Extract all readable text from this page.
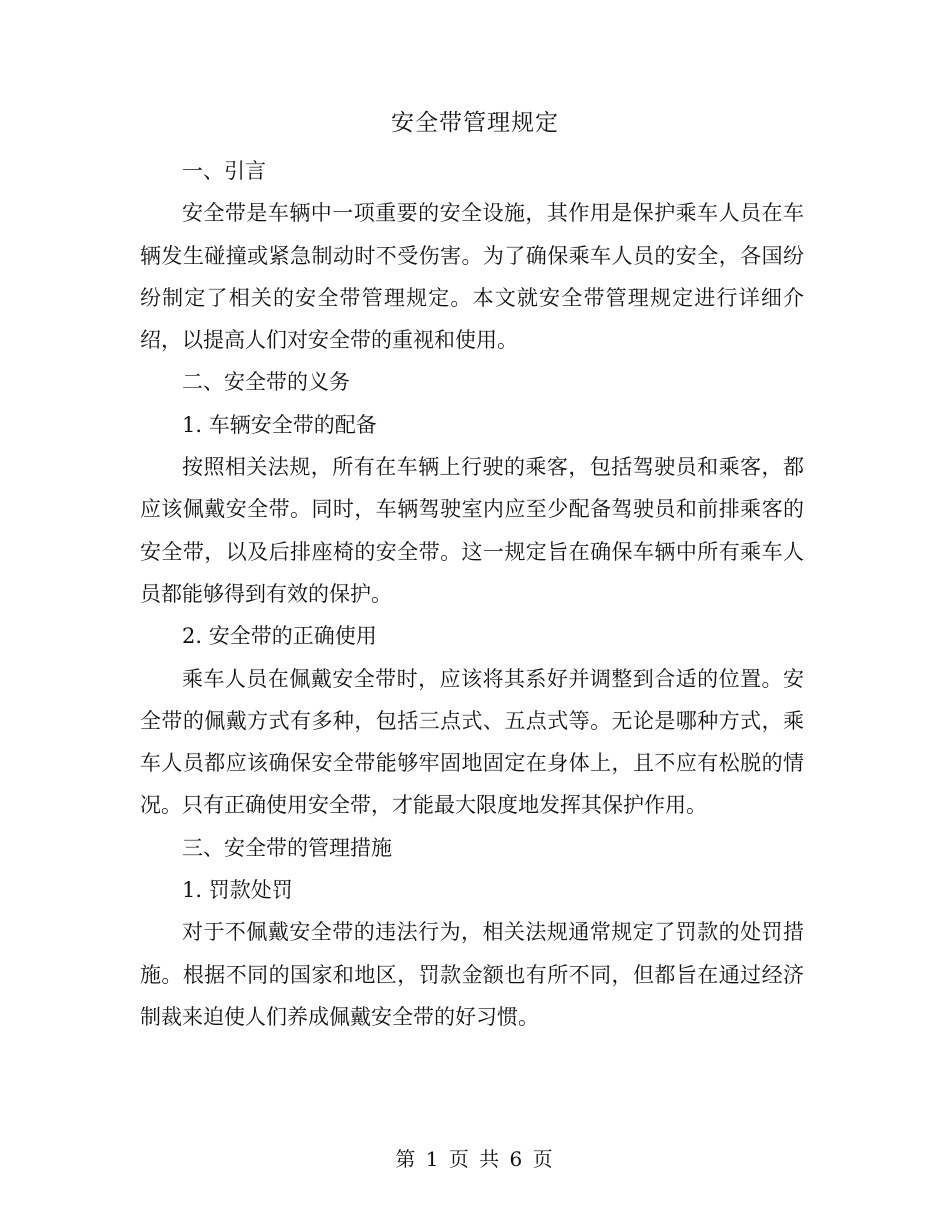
安全带管理规定

一、引言

安全带是车辆中一项重要的安全设施，其作用是保护乘车人员在车辆发生碰撞或紧急制动时不受伤害。为了确保乘车人员的安全，各国纷纷制定了相关的安全带管理规定。本文就安全带管理规定进行详细介绍，以提高人们对安全带的重视和使用。

二、安全带的义务

1. 车辆安全带的配备

按照相关法规，所有在车辆上行驶的乘客，包括驾驶员和乘客，都应该佩戴安全带。同时，车辆驾驶室内应至少配备驾驶员和前排乘客的安全带，以及后排座椅的安全带。这一规定旨在确保车辆中所有乘车人员都能够得到有效的保护。

2. 安全带的正确使用

乘车人员在佩戴安全带时，应该将其系好并调整到合适的位置。安全带的佩戴方式有多种，包括三点式、五点式等。无论是哪种方式，乘车人员都应该确保安全带能够牢固地固定在身体上，且不应有松脱的情况。只有正确使用安全带，才能最大限度地发挥其保护作用。

三、安全带的管理措施

1. 罚款处罚

对于不佩戴安全带的违法行为，相关法规通常规定了罚款的处罚措施。根据不同的国家和地区，罚款金额也有所不同，但都旨在通过经济制裁来迫使人们养成佩戴安全带的好习惯。

第 1 页 共 6 页
